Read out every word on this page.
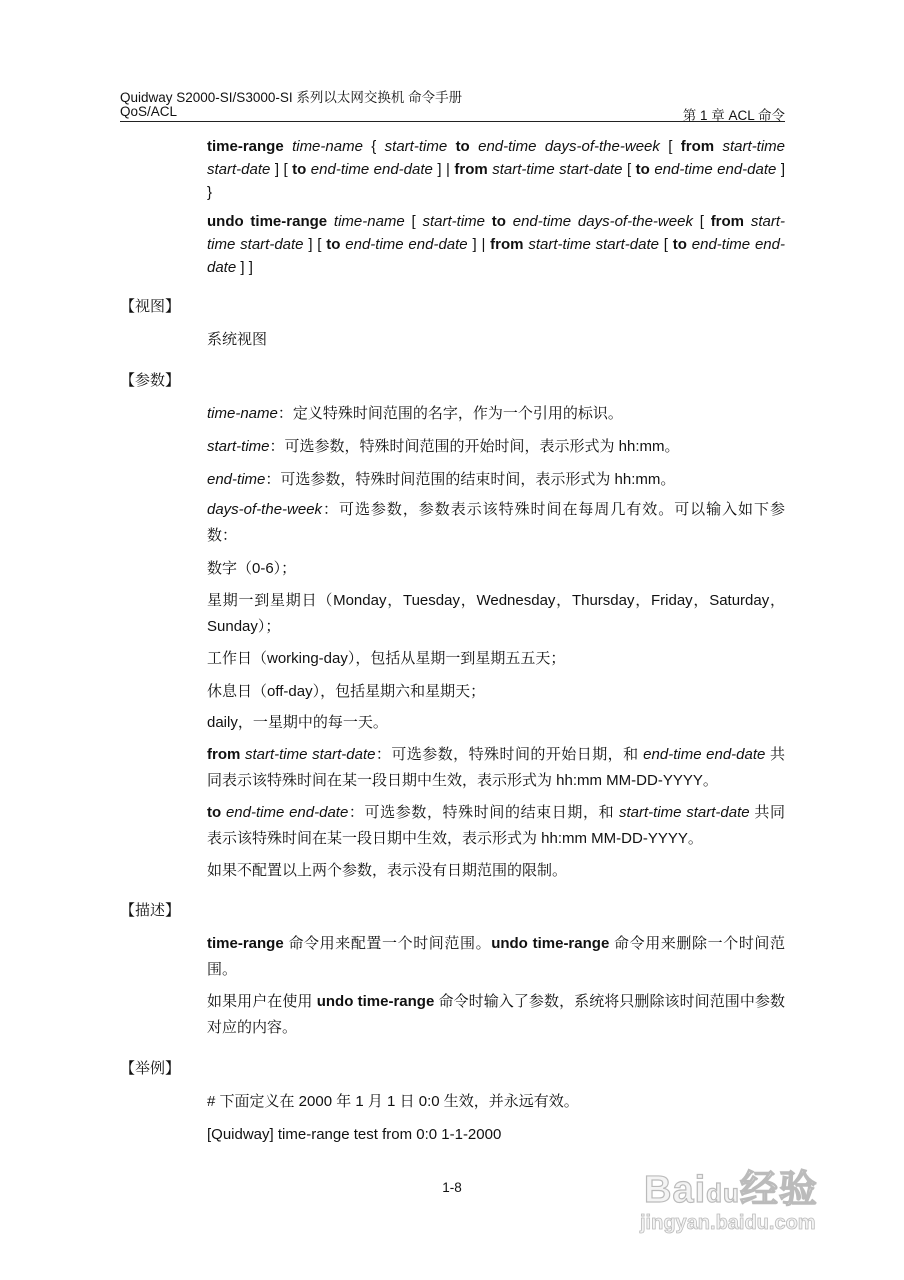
Quidway S2000-SI/S3000-SI 系列以太网交换机 命令手册
QoS/ACL	第 1 章 ACL 命令
time-range time-name { start-time to end-time days-of-the-week [ from start-time start-date ] [ to end-time end-date ] | from start-time start-date [ to end-time end-date ] }
undo time-range time-name [ start-time to end-time days-of-the-week [ from start-time start-date ] [ to end-time end-date ] | from start-time start-date [ to end-time end-date ] ]
【视图】
系统视图
【参数】
time-name：定义特殊时间范围的名字，作为一个引用的标识。
start-time：可选参数，特殊时间范围的开始时间，表示形式为 hh:mm。
end-time：可选参数，特殊时间范围的结束时间，表示形式为 hh:mm。
days-of-the-week：可选参数，参数表示该特殊时间在每周几有效。可以输入如下参数：
数字（0-6）；
星期一到星期日（Monday，Tuesday，Wednesday，Thursday，Friday，Saturday，Sunday）；
工作日（working-day），包括从星期一到星期五五天；
休息日（off-day），包括星期六和星期天；
daily，一星期中的每一天。
from start-time start-date：可选参数，特殊时间的开始日期，和 end-time end-date 共同表示该特殊时间在某一段日期中生效，表示形式为 hh:mm MM-DD-YYYY。
to end-time end-date：可选参数，特殊时间的结束日期，和 start-time start-date 共同表示该特殊时间在某一段日期中生效，表示形式为 hh:mm MM-DD-YYYY。
如果不配置以上两个参数，表示没有日期范围的限制。
【描述】
time-range 命令用来配置一个时间范围。undo time-range 命令用来删除一个时间范围。
如果用户在使用 undo time-range 命令时输入了参数，系统将只删除该时间范围中参数对应的内容。
【举例】
# 下面定义在 2000 年 1 月 1 日 0:0 生效，并永远有效。
[Quidway] time-range test from 0:0 1-1-2000
1-8	Baidu经验
jingyan.baidu.com
